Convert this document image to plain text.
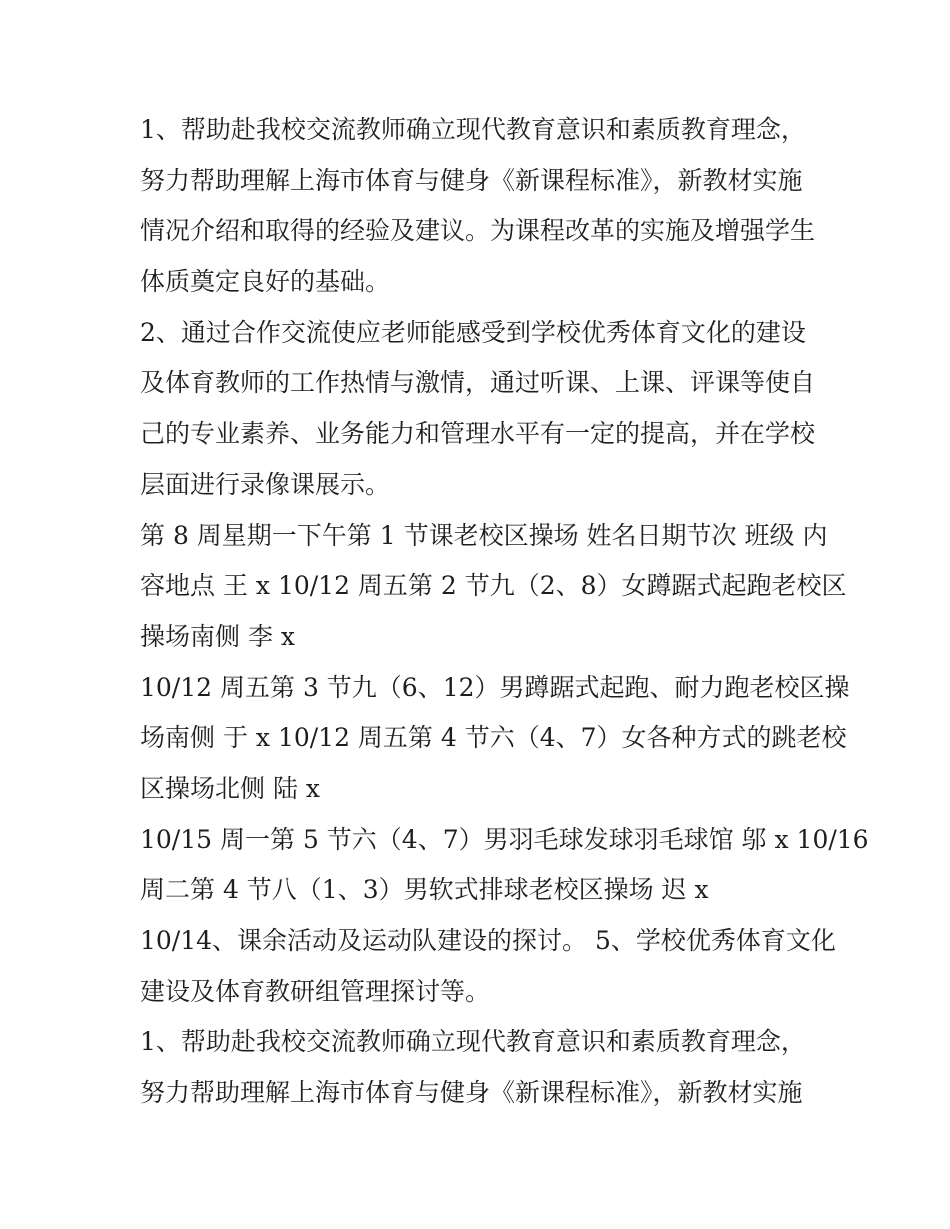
1、帮助赴我校交流教师确立现代教育意识和素质教育理念，
努力帮助理解上海市体育与健身《新课程标准》，新教材实施
情况介绍和取得的经验及建议。为课程改革的实施及增强学生
体质奠定良好的基础。
2、通过合作交流使应老师能感受到学校优秀体育文化的建设
及体育教师的工作热情与激情，通过听课、上课、评课等使自
己的专业素养、业务能力和管理水平有一定的提高，并在学校
层面进行录像课展示。
第 8 周星期一下午第 1 节课老校区操场 姓名日期节次 班级 内
容地点 王 x 10/12 周五第 2 节九（2、8）女蹲踞式起跑老校区
操场南侧 李 x
10/12 周五第 3 节九（6、12）男蹲踞式起跑、耐力跑老校区操
场南侧 于 x 10/12 周五第 4 节六（4、7）女各种方式的跳老校
区操场北侧 陆 x
10/15 周一第 5 节六（4、7）男羽毛球发球羽毛球馆 邬 x 10/16
周二第 4 节八（1、3）男软式排球老校区操场 迟 x
10/14、课余活动及运动队建设的探讨。 5、学校优秀体育文化
建设及体育教研组管理探讨等。
1、帮助赴我校交流教师确立现代教育意识和素质教育理念，
努力帮助理解上海市体育与健身《新课程标准》，新教材实施
